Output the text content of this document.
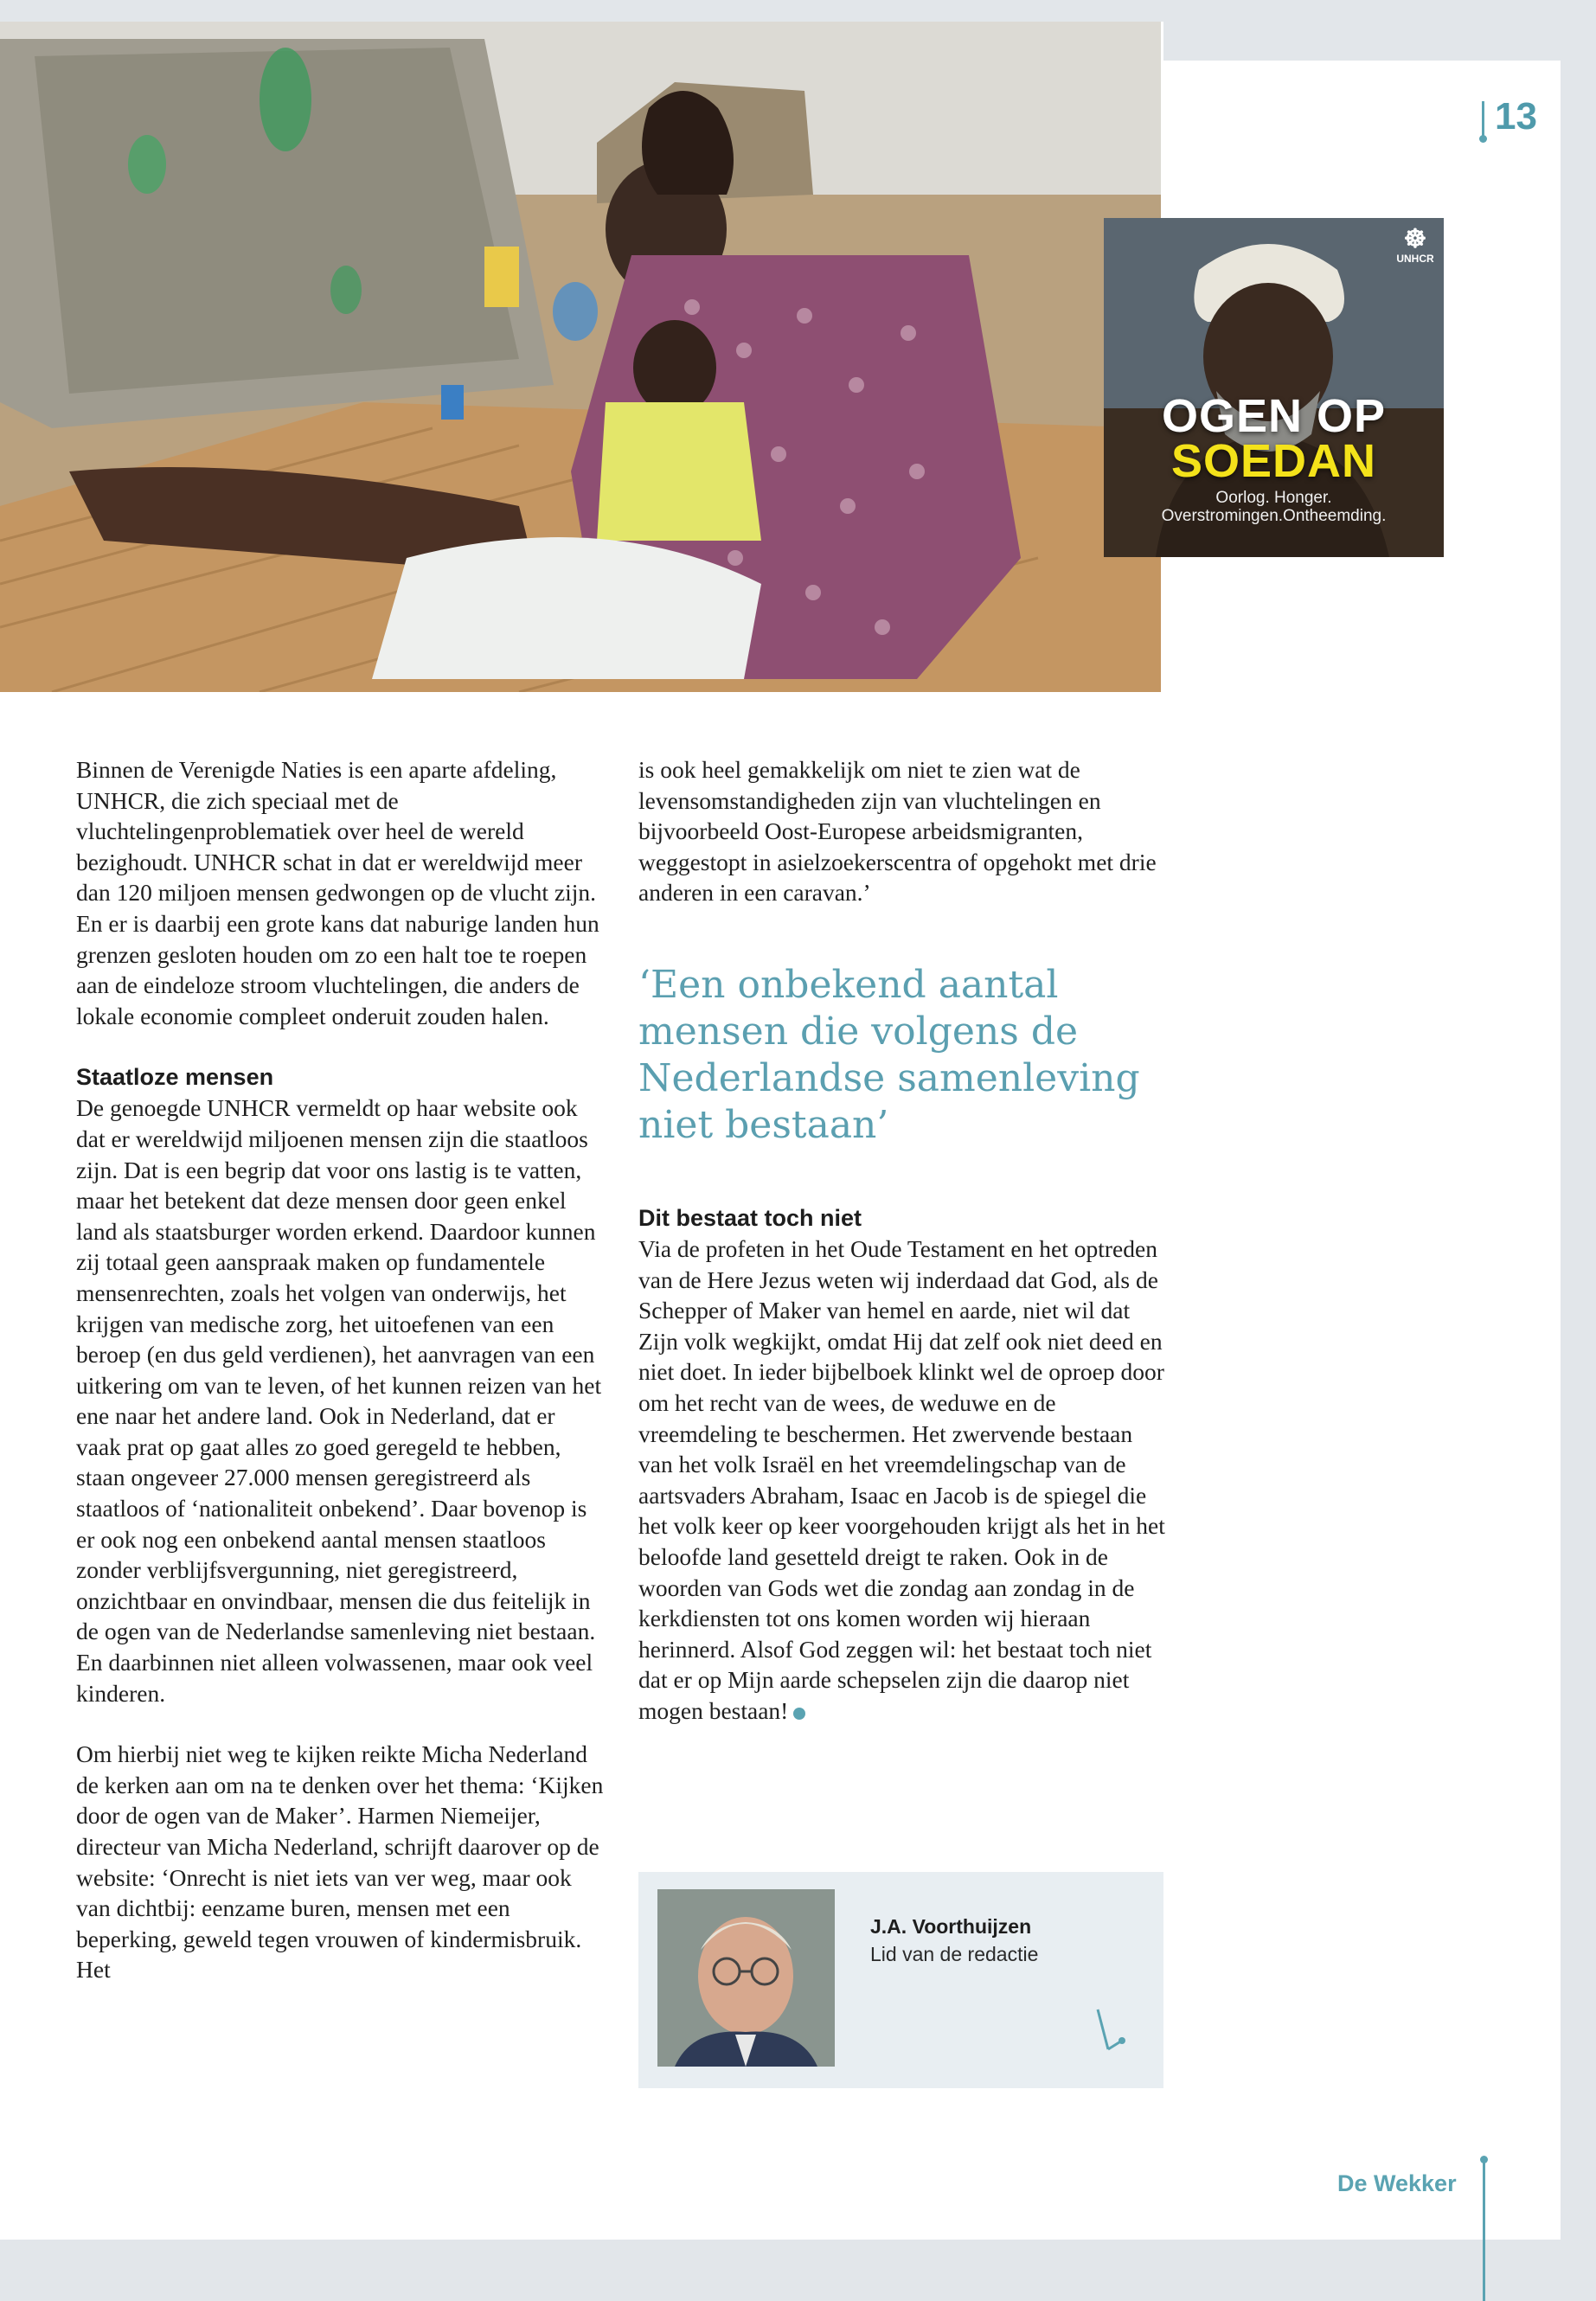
13
☸
UNHCR
OGEN OP
SOEDAN
Oorlog. Honger.
Overstromingen.Ontheemding.

Binnen de Verenigde Naties is een aparte afdeling, UNHCR, die zich speciaal met de vluchtelingenproblematiek over heel de wereld bezighoudt. UNHCR schat in dat er wereldwijd meer dan 120 miljoen mensen gedwongen op de vlucht zijn. En er is daarbij een grote kans dat naburige landen hun grenzen gesloten houden om zo een halt toe te roepen aan de eindeloze stroom vluchtelingen, die anders de lokale economie compleet onderuit zouden halen.

Staatloze mensen

De genoegde UNHCR vermeldt op haar website ook dat er wereldwijd miljoenen mensen zijn die staatloos zijn. Dat is een begrip dat voor ons lastig is te vatten, maar het betekent dat deze mensen door geen enkel land als staatsburger worden erkend. Daardoor kunnen zij totaal geen aanspraak maken op fundamentele mensenrechten, zoals het volgen van onderwijs, het krijgen van medische zorg, het uitoefenen van een beroep (en dus geld verdienen), het aanvragen van een uitkering om van te leven, of het kunnen reizen van het ene naar het andere land. Ook in Nederland, dat er vaak prat op gaat alles zo goed geregeld te hebben, staan ongeveer 27.000 mensen geregistreerd als staatloos of ‘nationaliteit onbekend’. Daar bovenop is er ook nog een onbekend aantal mensen staatloos zonder verblijfsvergunning, niet geregistreerd, onzichtbaar en onvindbaar, mensen die dus feitelijk in de ogen van de Nederlandse samenleving niet bestaan. En daarbinnen niet alleen volwassenen, maar ook veel kinderen.

Om hierbij niet weg te kijken reikte Micha Nederland de kerken aan om na te denken over het thema: ‘Kijken door de ogen van de Maker’. Harmen Niemeijer, directeur van Micha Nederland, schrijft daarover op de website: ‘Onrecht is niet iets van ver weg, maar ook van dichtbij: eenzame buren, mensen met een beperking, geweld tegen vrouwen of kindermisbruik. Het

is ook heel gemakkelijk om niet te zien wat de levensomstandigheden zijn van vluchtelingen en bijvoorbeeld Oost-Europese arbeidsmigranten, weggestopt in asielzoekerscentra of opgehokt met drie anderen in een caravan.’

‘Een onbekend aantal mensen die volgens de Nederlandse samenleving niet bestaan’

Dit bestaat toch niet

Via de profeten in het Oude Testament en het optreden van de Here Jezus weten wij inderdaad dat God, als de Schepper of Maker van hemel en aarde, niet wil dat Zijn volk wegkijkt, omdat Hij dat zelf ook niet deed en niet doet. In ieder bijbelboek klinkt wel de oproep door om het recht van de wees, de weduwe en de vreemdeling te beschermen. Het zwervende bestaan van het volk Israël en het vreemdelingschap van de aartsvaders Abraham, Isaac en Jacob is de spiegel die het volk keer op keer voorgehouden krijgt als het in het beloofde land gesetteld dreigt te raken. Ook in de woorden van Gods wet die zondag aan zondag in de kerkdiensten tot ons komen worden wij hieraan herinnerd. Alsof God zeggen wil: het bestaat toch niet dat er op Mijn aarde schepselen zijn die daarop niet mogen bestaan!

J.A. Voorthuijzen
Lid van de redactie
De Wekker
